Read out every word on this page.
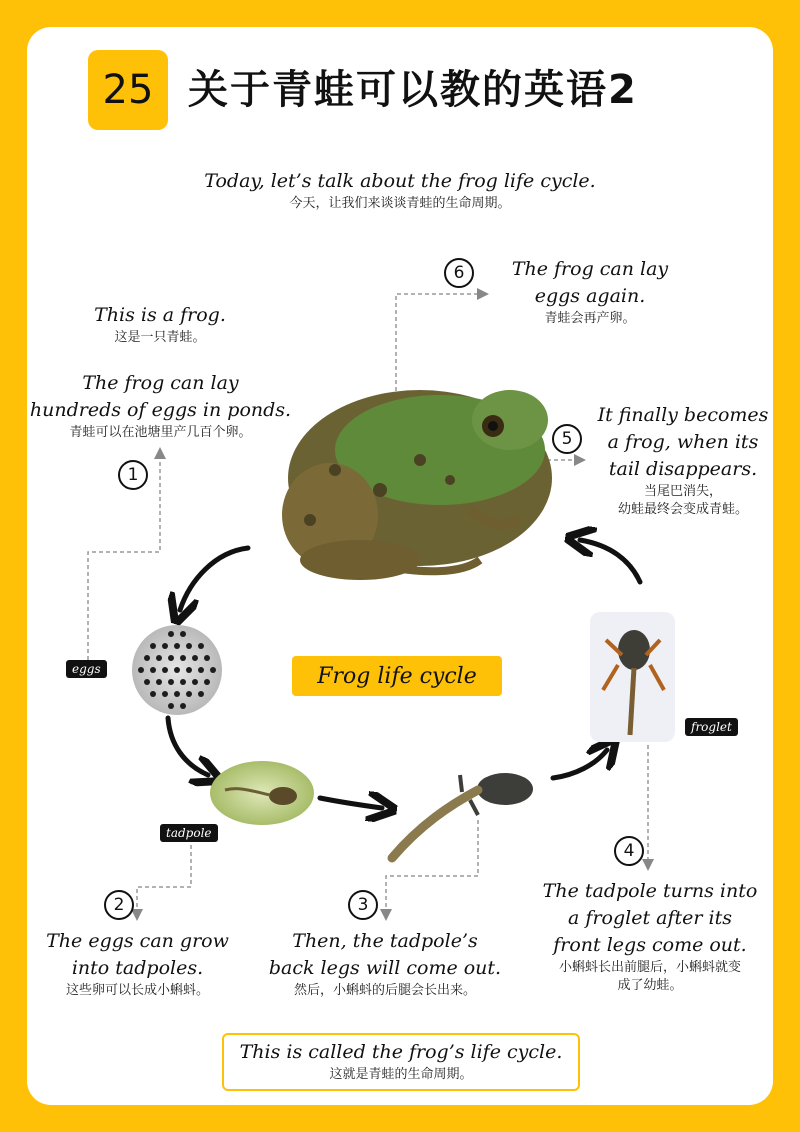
25 关于青蛙可以教的英语2
Today, let’s talk about the frog life cycle.
今天，让我们来谈谈青蛙的生命周期。
This is a frog.
这是一只青蛙。
The frog can lay
hundreds of eggs in ponds.
青蛙可以在池塘里产几百个卵。
1
2	3
4
5
6	The frog can lay
eggs again.
青蛙会再产卵。
It finally becomes
a frog, when its
tail disappears.
当尾巴消失，
幼蛙最终会变成青蛙。
The eggs can grow
into tadpoles.
这些卵可以长成小蝌蚪。
Then, the tadpole’s
back legs will come out.
然后，小蝌蚪的后腿会长出来。
The tadpole turns into
a froglet after its
front legs come out.
小蝌蚪长出前腿后，小蝌蚪就变
成了幼蛙。
eggs
tadpole
froglet
Frog life cycle
This is called the frog’s life cycle.
这就是青蛙的生命周期。
